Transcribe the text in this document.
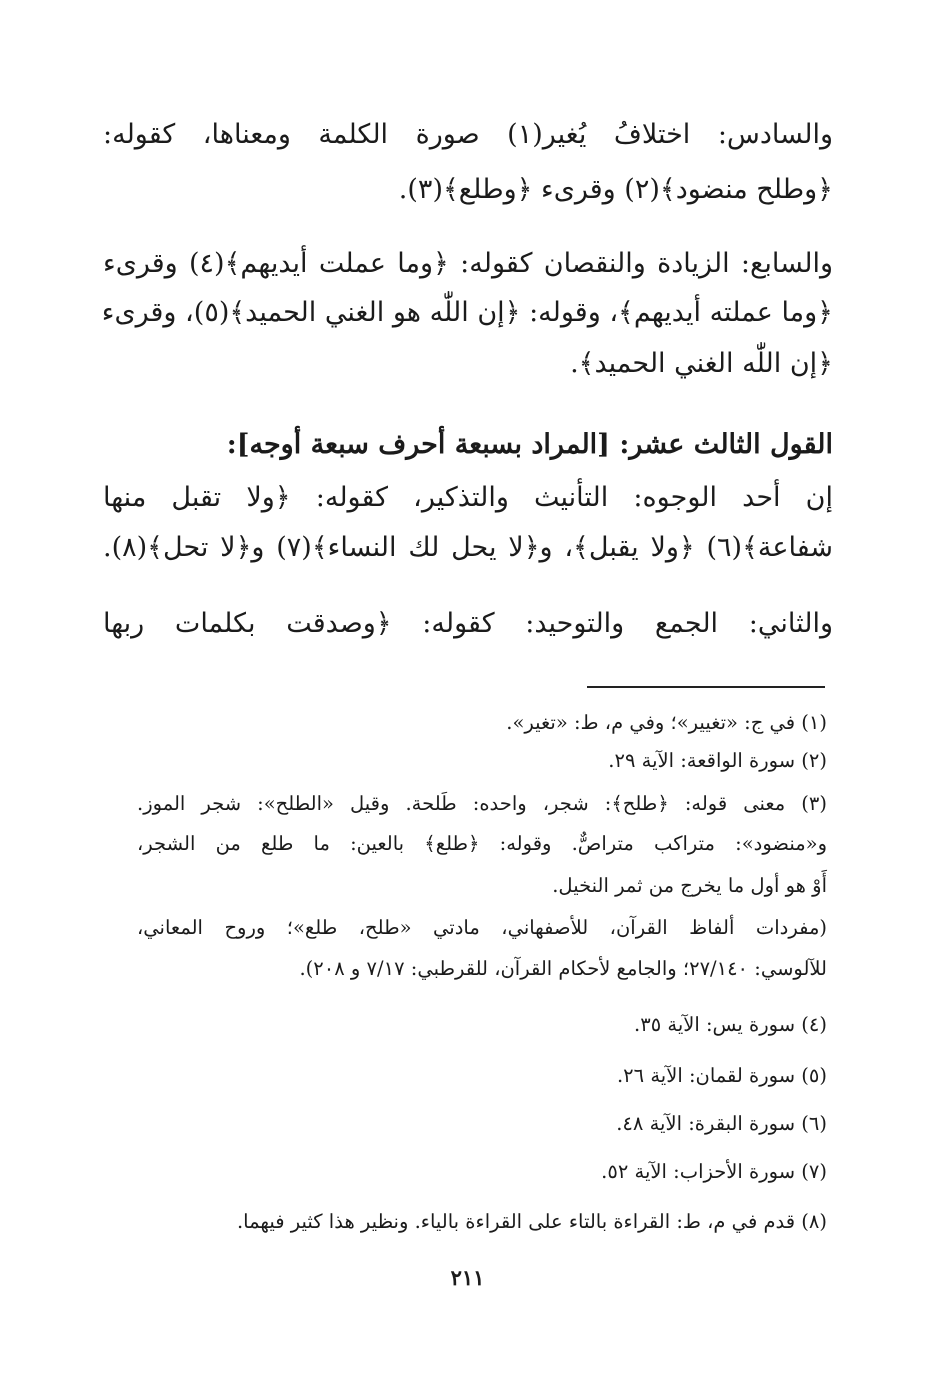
والسادس: اختلافُ يُغير(١) صورة الكلمة ومعناها، كقوله:
﴿وطلح منضود﴾(٢) وقرىء ﴿وطلع﴾(٣).
والسابع: الزيادة والنقصان كقوله: ﴿وما عملت أيديهم﴾(٤) وقرىء
﴿وما عملته أيديهم﴾، وقوله: ﴿إن اللّٰه هو الغني الحميد﴾(٥)، وقرىء
﴿إن اللّٰه الغني الحميد﴾.
القول الثالث عشر: [المراد بسبعة أحرف سبعة أوجه]:
إن أحد الوجوه: التأنيث والتذكير، كقوله: ﴿ولا تقبل منها
شفاعة﴾(٦) ﴿ولا يقبل﴾، و﴿لا يحل لك النساء﴾(٧) و﴿لا تحل﴾(٨).
والثاني: الجمع والتوحيد: كقوله: ﴿وصدقت بكلمات ربها
(١) في ج: «تغيير»؛ وفي م، ط: «تغير».
(٢) سورة الواقعة: الآية ٢٩.
(٣) معنى قوله: ﴿طلح﴾: شجر، واحده: طَلحة. وقيل «الطلح»: شجر الموز.
و«منضود»: متراكب متراصٌّ. وقوله: ﴿طلع﴾ بالعين: ما طلع من الشجر،
أَوْ هو أول ما يخرج من ثمر النخيل.
(مفردات ألفاظ القرآن، للأصفهاني، مادتي «طلح، طلع»؛ وروح المعاني،
للآلوسي: ٢٧/١٤٠؛ والجامع لأحكام القرآن، للقرطبي: ٧/١٧ و ٢٠٨).
(٤) سورة يس: الآية ٣٥.
(٥) سورة لقمان: الآية ٢٦.
(٦) سورة البقرة: الآية ٤٨.
(٧) سورة الأحزاب: الآية ٥٢.
(٨) قدم في م، ط: القراءة بالتاء على القراءة بالياء. ونظير هذا كثير فيهما.
٢١١
